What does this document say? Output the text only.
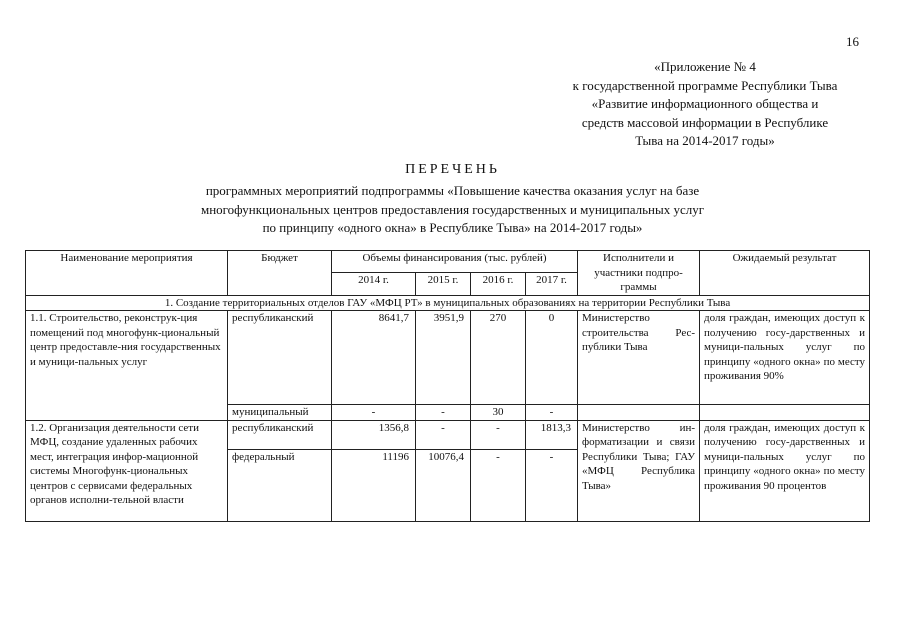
16
«Приложение № 4
к государственной программе Республики Тыва
«Развитие информационного общества и
средств массовой информации в Республике
Тыва на 2014-2017 годы»
ПЕРЕЧЕНЬ
программных мероприятий подпрограммы «Повышение качества оказания услуг на базе
многофункциональных центров предоставления государственных и муниципальных услуг
по принципу «одного окна» в Республике Тыва» на 2014-2017 годы»
Наименование мероприятия	Бюджет	Объемы финансирования (тыс. рублей)				Исполнители и участники подпро-граммы	Ожидаемый результат
		2014 г.	2015 г.	2016 г.	2017 г.		
1. Создание территориальных отделов ГАУ «МФЦ РТ» в муниципальных образованиях на территории Республики Тыва							
1.1. Строительство, реконструк-ция помещений под многофунк-циональный центр предоставле-ния государственных и муници-пальных услуг	республиканский	8641,7	3951,9	270	0	Министерство строительства Рес-публики Тыва	доля граждан, имеющих доступ к получению госу-дарственных и муници-пальных услуг по принципу «одного окна» по месту проживания 90%
	муниципальный	-	-	30	-		
1.2. Организация деятельности сети МФЦ, создание удаленных рабочих мест, интеграция инфор-мационной системы Многофунк-циональных центров с сервисами федеральных органов исполни-тельной власти	республиканский	1356,8	-	-	1813,3	Министерство ин-форматизации и связи Республики Тыва; ГАУ «МФЦ Республика Тыва»	доля граждан, имеющих доступ к получению госу-дарственных и муници-пальных услуг по принципу «одного окна» по месту проживания 90 процентов
	федеральный	11196	10076,4	-	-		
